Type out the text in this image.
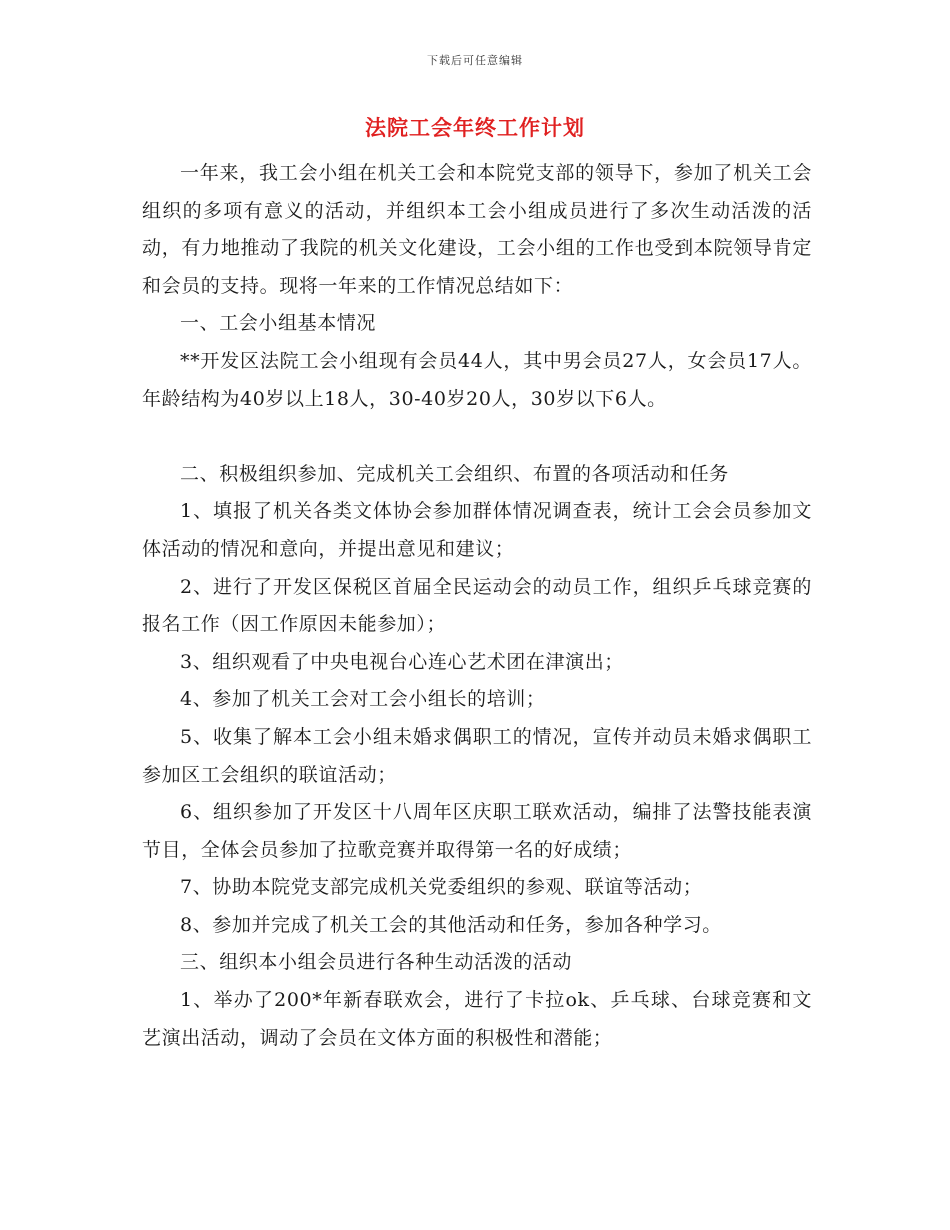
下载后可任意编辑
法院工会年终工作计划

一年来，我工会小组在机关工会和本院党支部的领导下，参加了机关工会组织的多项有意义的活动，并组织本工会小组成员进行了多次生动活泼的活动，有力地推动了我院的机关文化建设，工会小组的工作也受到本院领导肯定和会员的支持。现将一年来的工作情况总结如下：

一、工会小组基本情况

**开发区法院工会小组现有会员44人，其中男会员27人，女会员17人。年龄结构为40岁以上18人，30-40岁20人，30岁以下6人。

二、积极组织参加、完成机关工会组织、布置的各项活动和任务

1、填报了机关各类文体协会参加群体情况调查表，统计工会会员参加文体活动的情况和意向，并提出意见和建议；

2、进行了开发区保税区首届全民运动会的动员工作，组织乒乓球竞赛的报名工作（因工作原因未能参加）；

3、组织观看了中央电视台心连心艺术团在津演出；

4、参加了机关工会对工会小组长的培训；

5、收集了解本工会小组未婚求偶职工的情况，宣传并动员未婚求偶职工参加区工会组织的联谊活动；

6、组织参加了开发区十八周年区庆职工联欢活动，编排了法警技能表演节目，全体会员参加了拉歌竞赛并取得第一名的好成绩；

7、协助本院党支部完成机关党委组织的参观、联谊等活动；

8、参加并完成了机关工会的其他活动和任务，参加各种学习。

三、组织本小组会员进行各种生动活泼的活动

1、举办了200*年新春联欢会，进行了卡拉ok、乒乓球、台球竞赛和文艺演出活动，调动了会员在文体方面的积极性和潜能；
